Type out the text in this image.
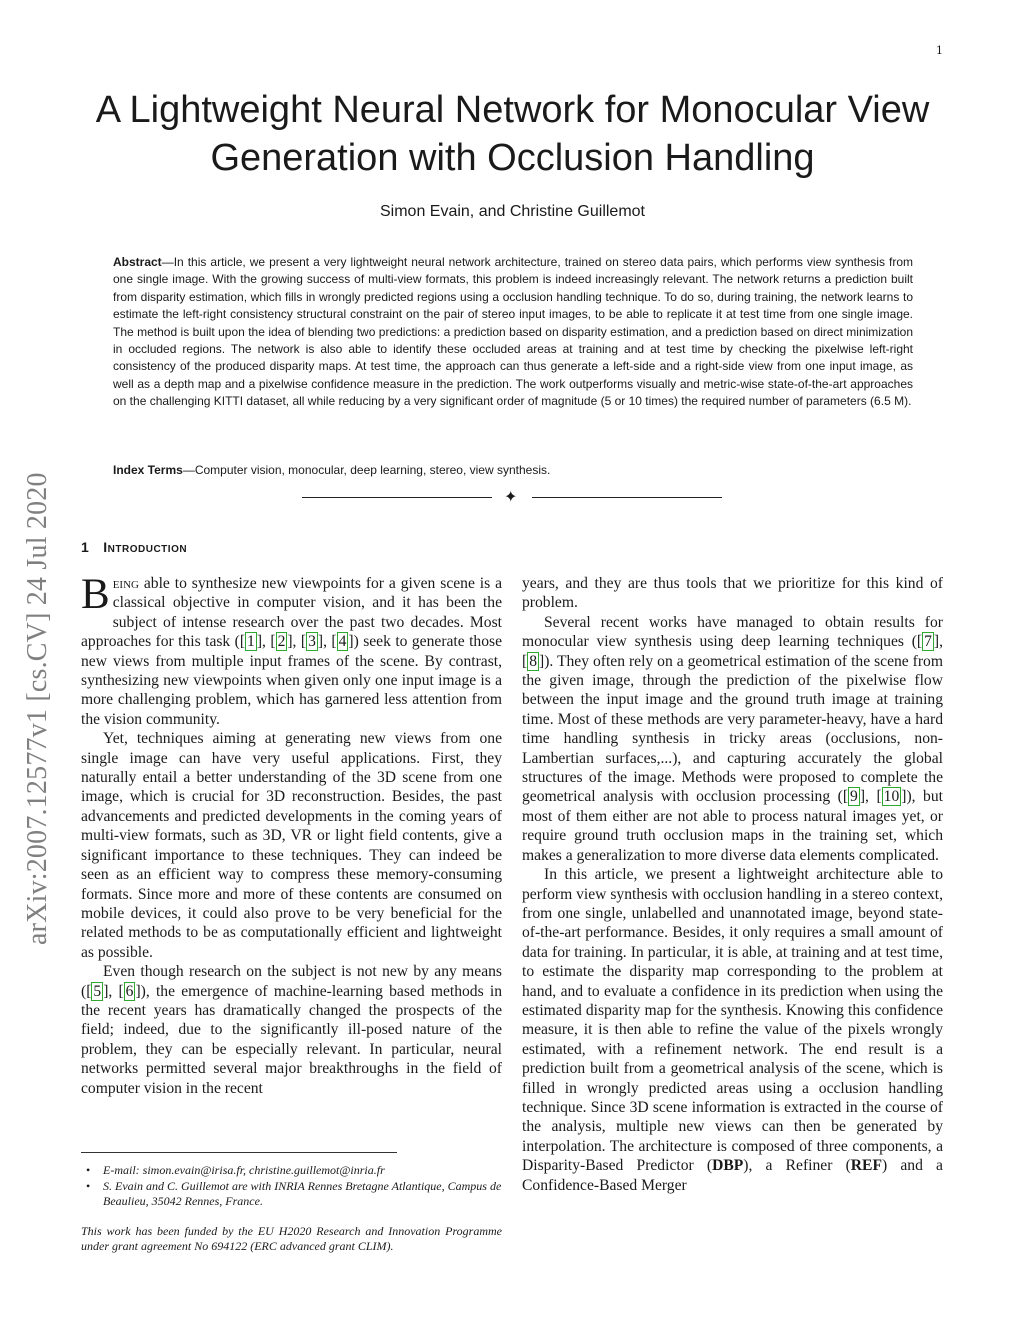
1
arXiv:2007.12577v1 [cs.CV] 24 Jul 2020
A Lightweight Neural Network for Monocular View Generation with Occlusion Handling
Simon Evain, and Christine Guillemot

Abstract—In this article, we present a very lightweight neural network architecture, trained on stereo data pairs, which performs view synthesis from one single image. With the growing success of multi-view formats, this problem is indeed increasingly relevant. The network returns a prediction built from disparity estimation, which fills in wrongly predicted regions using a occlusion handling technique. To do so, during training, the network learns to estimate the left-right consistency structural constraint on the pair of stereo input images, to be able to replicate it at test time from one single image. The method is built upon the idea of blending two predictions: a prediction based on disparity estimation, and a prediction based on direct minimization in occluded regions. The network is also able to identify these occluded areas at training and at test time by checking the pixelwise left-right consistency of the produced disparity maps. At test time, the approach can thus generate a left-side and a right-side view from one input image, as well as a depth map and a pixelwise confidence measure in the prediction. The work outperforms visually and metric-wise state-of-the-art approaches on the challenging KITTI dataset, all while reducing by a very significant order of magnitude (5 or 10 times) the required number of parameters (6.5 M).

Index Terms—Computer vision, monocular, deep learning, stereo, view synthesis.

✦
1 Introduction

Being able to synthesize new viewpoints for a given scene is a classical objective in computer vision, and it has been the subject of intense research over the past two decades. Most approaches for this task ([ 1 ], [ 2 ], [ 3 ], [ 4 ]) seek to generate those new views from multiple input frames of the scene. By contrast, synthesizing new viewpoints when given only one input image is a more challenging problem, which has garnered less attention from the vision community.

Yet, techniques aiming at generating new views from one single image can have very useful applications. First, they naturally entail a better understanding of the 3D scene from one image, which is crucial for 3D reconstruction. Besides, the past advancements and predicted developments in the coming years of multi-view formats, such as 3D, VR or light field contents, give a significant importance to these techniques. They can indeed be seen as an efficient way to compress these memory-consuming formats. Since more and more of these contents are consumed on mobile devices, it could also prove to be very beneficial for the related methods to be as computationally efficient and lightweight as possible.

Even though research on the subject is not new by any means ([ 5 ], [ 6 ]), the emergence of machine-learning based methods in the recent years has dramatically changed the prospects of the field; indeed, due to the significantly ill-posed nature of the problem, they can be especially relevant. In particular, neural networks permitted several major breakthroughs in the field of computer vision in the recent

• E-mail: simon.evain@irisa.fr, christine.guillemot@inria.fr
• S. Evain and C. Guillemot are with INRIA Rennes Bretagne Atlantique, Campus de Beaulieu, 35042 Rennes, France.
This work has been funded by the EU H2020 Research and Innovation Programme under grant agreement No 694122 (ERC advanced grant CLIM).

years, and they are thus tools that we prioritize for this kind of problem.

Several recent works have managed to obtain results for monocular view synthesis using deep learning techniques ([ 7 ], [ 8 ]). They often rely on a geometrical estimation of the scene from the given image, through the prediction of the pixelwise flow between the input image and the ground truth image at training time. Most of these methods are very parameter-heavy, have a hard time handling synthesis in tricky areas (occlusions, non-Lambertian surfaces,...), and capturing accurately the global structures of the image. Methods were proposed to complete the geometrical analysis with occlusion processing ([ 9 ], [ 10 ]), but most of them either are not able to process natural images yet, or require ground truth occlusion maps in the training set, which makes a generalization to more diverse data elements complicated.

In this article, we present a lightweight architecture able to perform view synthesis with occlusion handling in a stereo context, from one single, unlabelled and unannotated image, beyond state-of-the-art performance. Besides, it only requires a small amount of data for training. In particular, it is able, at training and at test time, to estimate the disparity map corresponding to the problem at hand, and to evaluate a confidence in its prediction when using the estimated disparity map for the synthesis. Knowing this confidence measure, it is then able to refine the value of the pixels wrongly estimated, with a refinement network. The end result is a prediction built from a geometrical analysis of the scene, which is filled in wrongly predicted areas using a occlusion handling technique. Since 3D scene information is extracted in the course of the analysis, multiple new views can then be generated by interpolation. The architecture is composed of three components, a Disparity-Based Predictor (DBP), a Refiner (REF) and a Confidence-Based Merger
